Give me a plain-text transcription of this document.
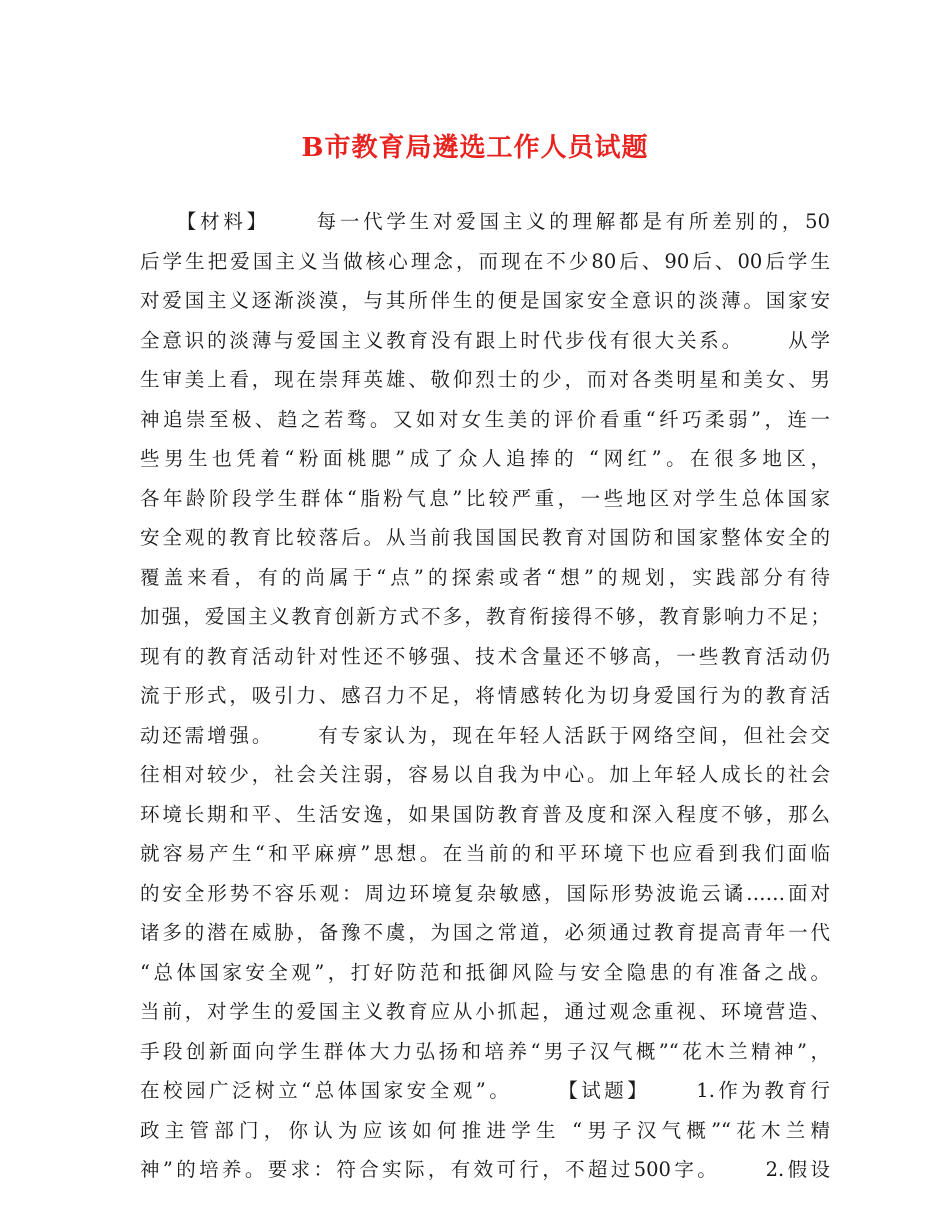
B市教育局遴选工作人员试题
　　【材料】　　 每一代学生对爱国主义的理解都是有所差别的，50
后学生把爱国主义当做核心理念，而现在不少80后、90后、00后学生
对爱国主义逐渐淡漠，与其所伴生的便是国家安全意识的淡薄。国家安
全意识的淡薄与爱国主义教育没有跟上时代步伐有很大关系。　　 从学
生审美上看，现在崇拜英雄、敬仰烈士的少，而对各类明星和美女、男
神追崇至极、趋之若骛。又如对女生美的评价看重“纤巧柔弱”，连一
些男生也凭着“粉面桃腮”成了众人追捧的 “网红”。在很多地区，
各年龄阶段学生群体“脂粉气息”比较严重，一些地区对学生总体国家
安全观的教育比较落后。从当前我国国民教育对国防和国家整体安全的
覆盖来看，有的尚属于“点”的探索或者“想”的规划，实践部分有待
加强，爱国主义教育创新方式不多，教育衔接得不够，教育影响力不足；
现有的教育活动针对性还不够强、技术含量还不够高，一些教育活动仍
流于形式，吸引力、感召力不足，将情感转化为切身爱国行为的教育活
动还需增强。　　 有专家认为，现在年轻人活跃于网络空间，但社会交
往相对较少，社会关注弱，容易以自我为中心。加上年轻人成长的社会
环境长期和平、生活安逸，如果国防教育普及度和深入程度不够，那么
就容易产生“和平麻痹”思想。在当前的和平环境下也应看到我们面临
的安全形势不容乐观：周边环境复杂敏感，国际形势波诡云谲……面对
诸多的潜在威胁，备豫不虞，为国之常道，必须通过教育提高青年一代
“总体国家安全观”，打好防范和抵御风险与安全隐患的有准备之战。
当前，对学生的爱国主义教育应从小抓起，通过观念重视、环境营造、
手段创新面向学生群体大力弘扬和培养“男子汉气概”“花木兰精神”，
在校园广泛树立“总体国家安全观”。　　 【试题】　　 1.作为教育行
政主管部门，你认为应该如何推进学生 “男子汉气概”“花木兰精
神”的培养。要求：符合实际，有效可行，不超过500字。　　 2.假设
